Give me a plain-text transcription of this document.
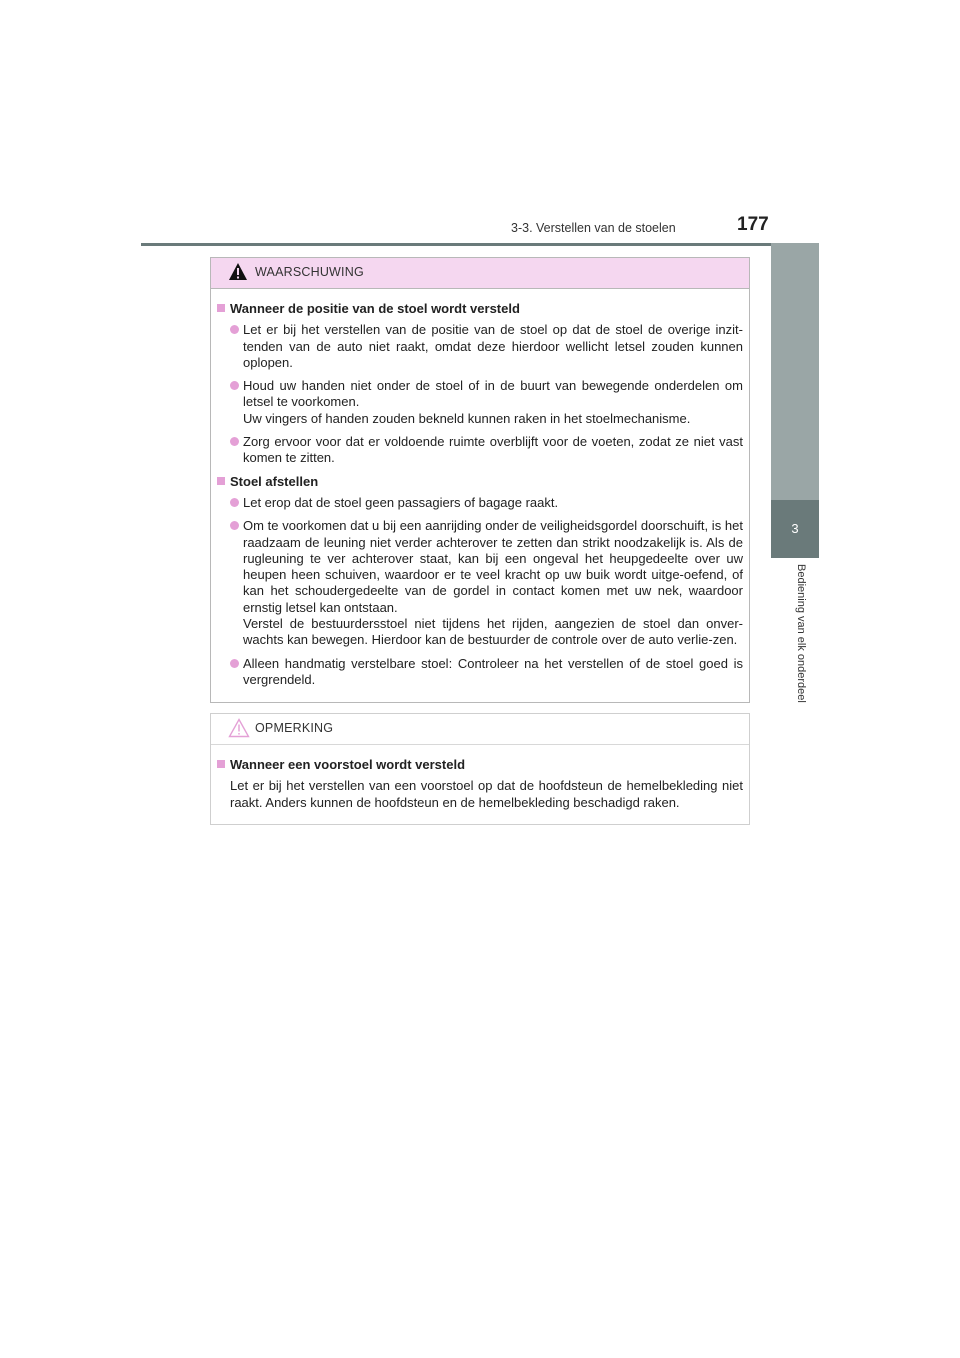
3-3. Verstellen van de stoelen	177
3
Bediening van elk onderdeel
WAARSCHUWING
Wanneer de positie van de stoel wordt versteld
Let er bij het verstellen van de positie van de stoel op dat de stoel de overige inzit-tenden van de auto niet raakt, omdat deze hierdoor wellicht letsel zouden kunnen oplopen.
Houd uw handen niet onder de stoel of in de buurt van bewegende onderdelen om letsel te voorkomen.
Uw vingers of handen zouden bekneld kunnen raken in het stoelmechanisme.
Zorg ervoor voor dat er voldoende ruimte overblijft voor de voeten, zodat ze niet vast komen te zitten.
Stoel afstellen
Let erop dat de stoel geen passagiers of bagage raakt.
Om te voorkomen dat u bij een aanrijding onder de veiligheidsgordel doorschuift, is het raadzaam de leuning niet verder achterover te zetten dan strikt noodzakelijk is. Als de rugleuning te ver achterover staat, kan bij een ongeval het heupgedeelte over uw heupen heen schuiven, waardoor er te veel kracht op uw buik wordt uitge-oefend, of kan het schoudergedeelte van de gordel in contact komen met uw nek, waardoor ernstig letsel kan ontstaan.
Verstel de bestuurdersstoel niet tijdens het rijden, aangezien de stoel dan onver-wachts kan bewegen. Hierdoor kan de bestuurder de controle over de auto verlie-zen.
Alleen handmatig verstelbare stoel: Controleer na het verstellen of de stoel goed is vergrendeld.
OPMERKING
Wanneer een voorstoel wordt versteld
Let er bij het verstellen van een voorstoel op dat de hoofdsteun de hemelbekleding niet raakt. Anders kunnen de hoofdsteun en de hemelbekleding beschadigd raken.
